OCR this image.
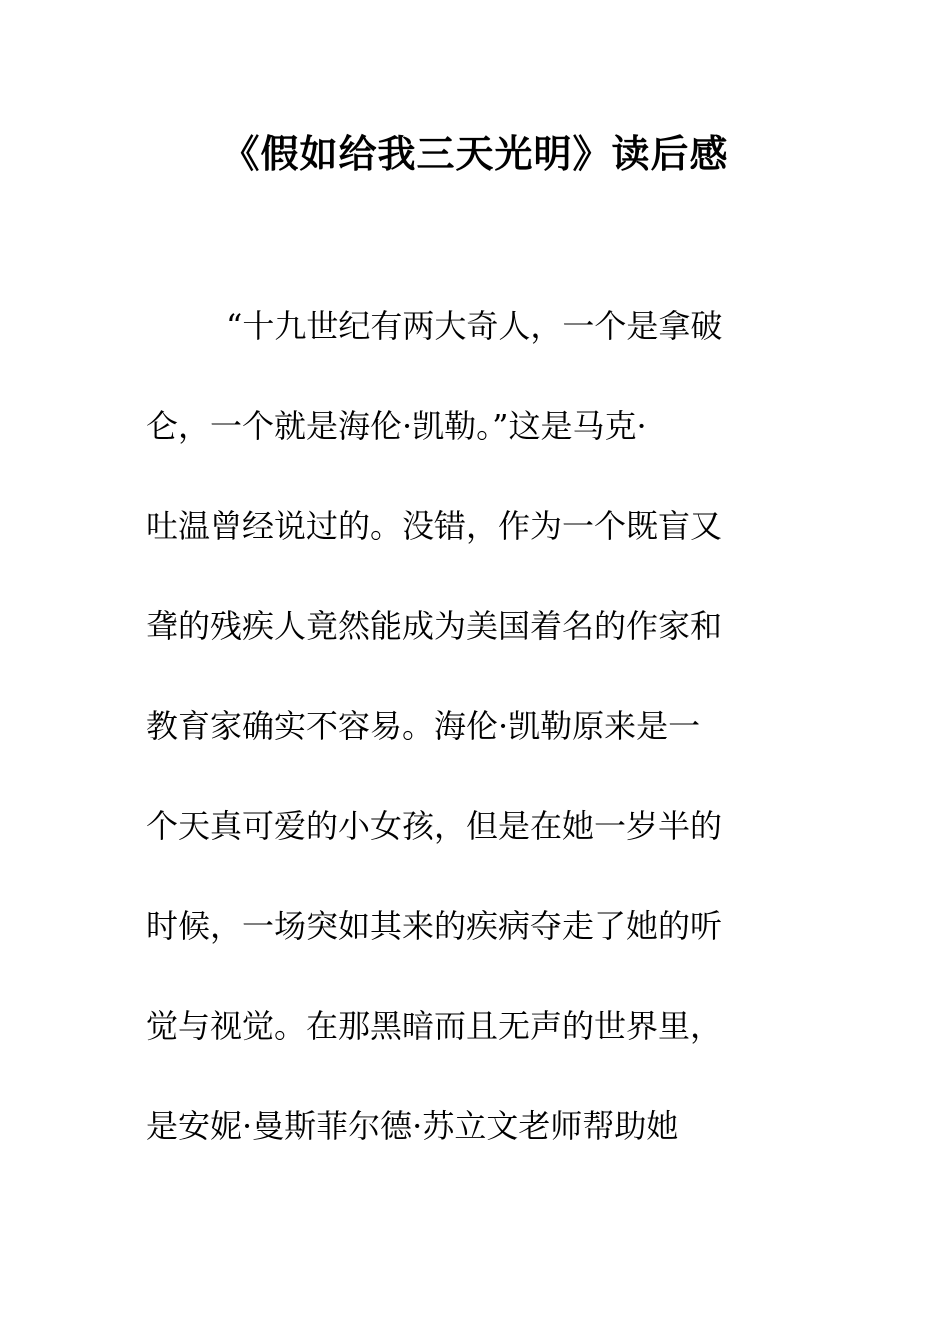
《假如给我三天光明》读后感
“十九世纪有两大奇人，一个是拿破
仑，一个就是海伦·凯勒。”这是马克·
吐温曾经说过的。没错，作为一个既盲又
聋的残疾人竟然能成为美国着名的作家和
教育家确实不容易。海伦·凯勒原来是一
个天真可爱的小女孩，但是在她一岁半的
时候，一场突如其来的疾病夺走了她的听
觉与视觉。在那黑暗而且无声的世界里，
是安妮·曼斯菲尔德·苏立文老师帮助她
